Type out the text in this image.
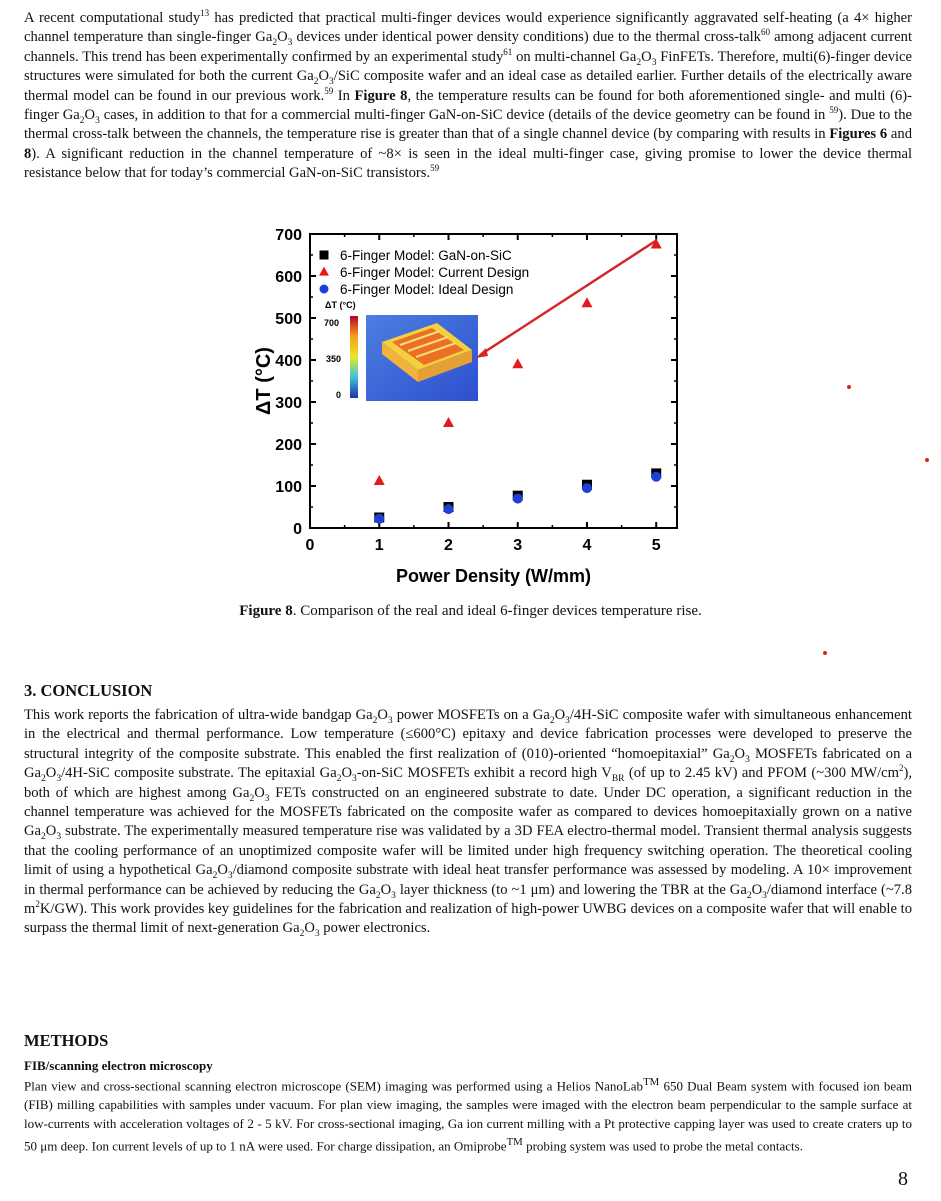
A recent computational study$^{13}$ has predicted that practical multi-finger devices would experience significantly aggravated self-heating (a 4× higher channel temperature than single-finger $Ga_2O_3$ devices under identical power density conditions) due to the thermal cross-talk$^{60}$ among adjacent current channels. This trend has been experimentally confirmed by an experimental study$^{61}$ on multi-channel $Ga_2O_3$ FinFETs. Therefore, multi(6)-finger device structures were simulated for both the current $Ga_2O_3$/SiC composite wafer and an ideal case as detailed earlier. Further details of the electrically aware thermal model can be found in our previous work.$^{59}$ In Figure 8, the temperature results can be found for both aforementioned single- and multi (6)-finger $Ga_2O_3$ cases, in addition to that for a commercial multi-finger GaN-on-SiC device (details of the device geometry can be found in $^{59}$). Due to the thermal cross-talk between the channels, the temperature rise is greater than that of a single channel device (by comparing with results in Figures 6 and 8). A significant reduction in the channel temperature of ~8× is seen in the ideal multi-finger case, giving promise to lower the device thermal resistance below that for today’s commercial GaN-on-SiC transistors.$^{59}$

0	1	2	3	4	5
0
100
200
300
400
500
600
700
Power Density (W/mm)
ΔT (°C)
ΔT (°C)
700
350
0
6-Finger Model: GaN-on-SiC
6-Finger Model: Current Design
6-Finger Model: Ideal Design

Figure 8. Comparison of the real and ideal 6-finger devices temperature rise.

3. CONCLUSION

This work reports the fabrication of ultra-wide bandgap $Ga_2O_3$ power MOSFETs on a $Ga_2O_3/4H$-SiC composite wafer with simultaneous enhancement in the electrical and thermal performance. Low temperature (≤600°C) epitaxy and device fabrication processes were developed to preserve the structural integrity of the composite substrate. This enabled the first realization of (010)-oriented “homoepitaxial” $Ga_2O_3$ MOSFETs fabricated on a $Ga_2O_3/4H$-SiC composite substrate. The epitaxial $Ga_2O_3-on$-SiC MOSFETs exhibit a record high $V_{BR}$ (of up to 2.45 kV) and PFOM (~300 $MW/cm^2$), both of which are highest among $Ga_2O_3$ FETs constructed on an engineered substrate to date. Under DC operation, a significant reduction in the channel temperature was achieved for the MOSFETs fabricated on the composite wafer as compared to devices homoepitaxially grown on a native $Ga_2O_3$ substrate. The experimentally measured temperature rise was validated by a 3D FEA electro-thermal model. Transient thermal analysis suggests that the cooling performance of an unoptimized composite wafer will be limited under high frequency switching operation. The theoretical cooling limit of using a hypothetical $Ga_2O_3$/diamond composite substrate with ideal heat transfer performance was assessed by modeling. A 10× improvement in thermal performance can be achieved by reducing the $Ga_2O_3$ layer thickness (to ~1 μm) and lowering the TBR at the $Ga_2O_3$/diamond interface (~7.8 $m^2K/GW$). This work provides key guidelines for the fabrication and realization of high-power UWBG devices on a composite wafer that will enable to surpass the thermal limit of next-generation $Ga_2O_3$ power electronics.

METHODS
FIB/scanning electron microscopy

Plan view and cross-sectional scanning electron microscope (SEM) imaging was performed using a Helios NanoLab™ 650 Dual Beam system with focused ion beam (FIB) milling capabilities with samples under vacuum. For plan view imaging, the samples were imaged with the electron beam perpendicular to the sample surface at low-currents with acceleration voltages of 2 - 5 kV. For cross-sectional imaging, Ga ion current milling with a Pt protective capping layer was used to create craters up to 50 μm deep. Ion current levels of up to 1 nA were used. For charge dissipation, an Omiprobe™ probing system was used to probe the metal contacts.

8
